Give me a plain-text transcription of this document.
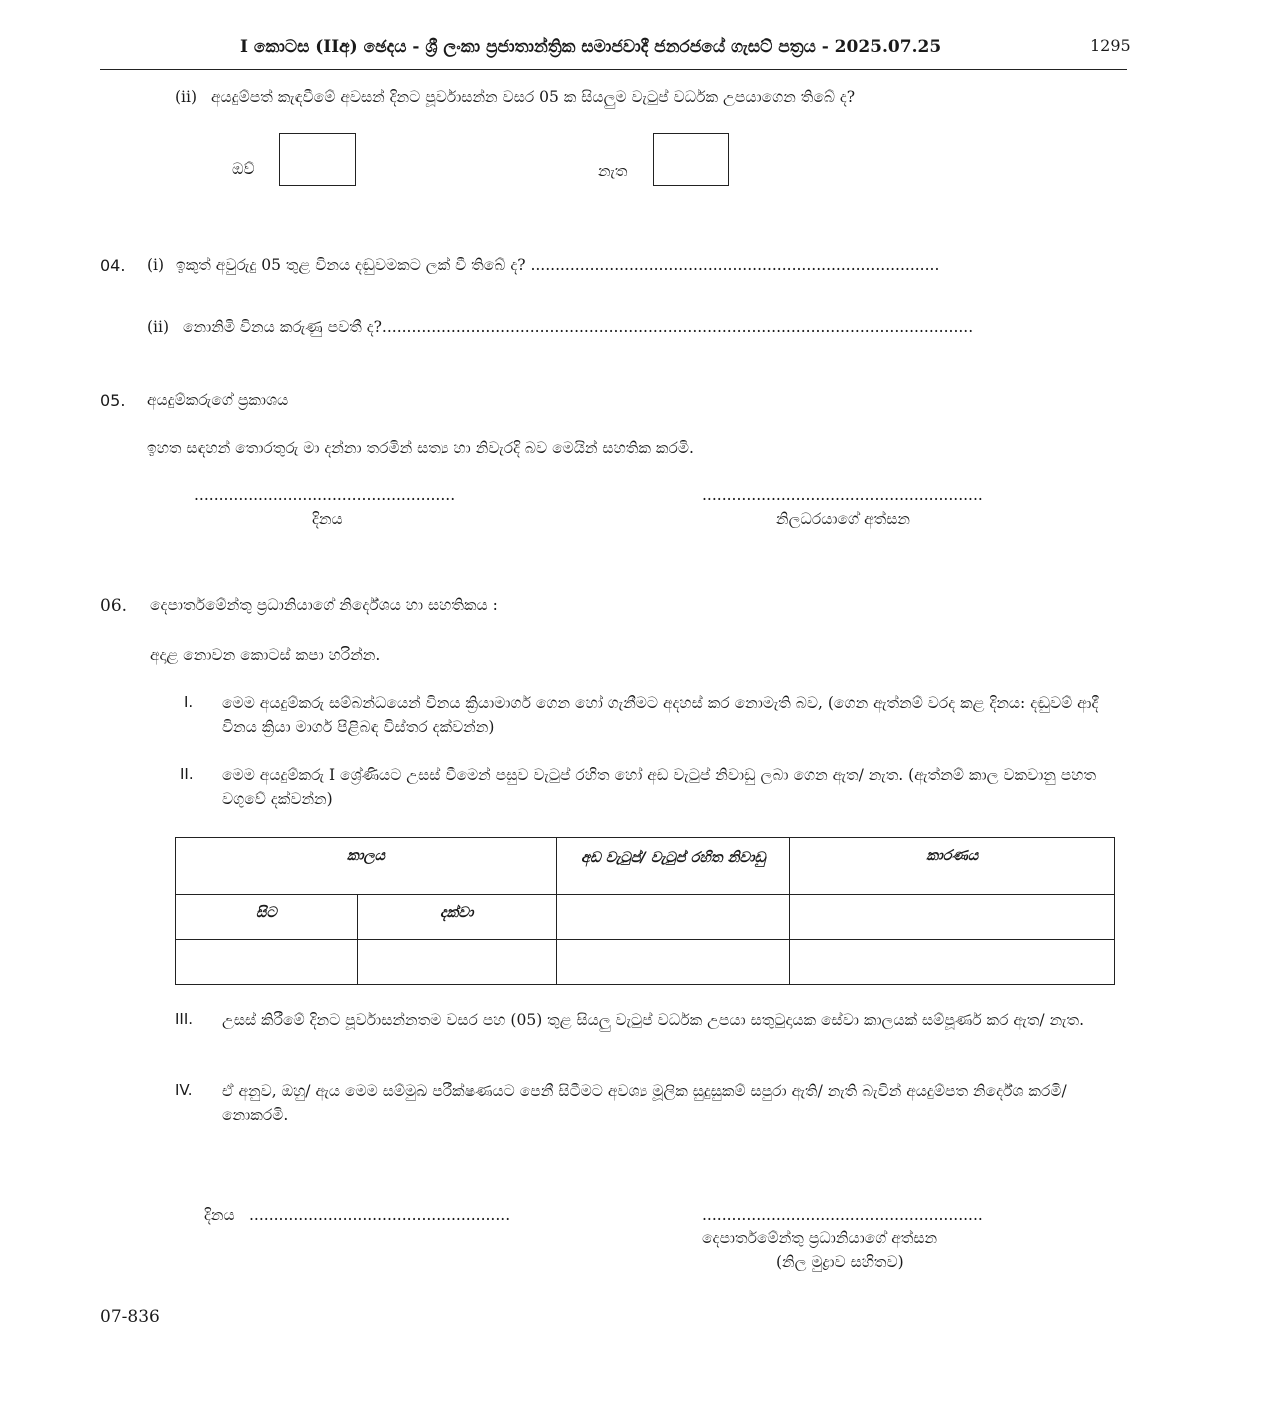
I කොටස (IIඅ) ඡෙදය - ශ්‍රී ලංකා ප්‍රජාතාන්ත්‍රික සමාජවාදී ජනරජයේ ගැසට් පත්‍රය - 2025.07.25	1295
(ii) අයදුම්පත් කැඳවීමේ අවසන් දිනට පූර්වාසන්න වසර 05 ක සියලුම වැටුප් වර්ධක උපයාගෙන තිබේ ද?
ඔව්	නැත
04. (i) ඉකුත් අවුරුදු 05 තුළ විනය දඬුවමකට ලක් වී තිබේ ද? ...................................................................................
(ii) නොනිමි විනය කරුණු පවතී ද?........................................................................................................................
05. අයදුම්කරුගේ ප්‍රකාශය
ඉහත සඳහන් තොරතුරු මා දන්නා තරමින් සත්‍ය හා නිවැරදි බව මෙයින් සහතික කරමි.
.....................................................	.........................................................
දිනය	නිලධරයාගේ අත්සන
06. දෙපාර්තමේන්තු ප්‍රධානියාගේ නිර්දේශය හා සහතිකය :
අදාළ නොවන කොටස් කපා හරින්න.
I. මෙම අයදුම්කරු සම්බන්ධයෙන් විනය ක්‍රියාමාර්ග ගෙන හෝ ගැනීමට අදහස් කර නොමැති බව, (ගෙන ඇත්නම් වරද කළ දිනය: දඬුවම් ආදී විනය ක්‍රියා මාර්ග පිළිබඳ විස්තර දක්වන්න)
II. මෙම අයදුම්කරු I ශ්‍රේණියට උසස් වීමෙන් පසුව වැටුප් රහිත හෝ අඩ වැටුප් නිවාඩු ලබා ගෙන ඇත/ නැත. (ඇත්නම් කාල වකවානු පහත වගුවේ දක්වන්න)
කාලය		අඩ වැටුප්/ වැටුප් රහිත නිවාඩු	කාරණය
සිට	දක්වා		

III. උසස් කිරීමේ දිනට පූර්වාසන්නතම වසර පහ (05) තුළ සියලු වැටුප් වර්ධක උපයා සතුටුදායක සේවා කාලයක් සම්පූර්ණ කර ඇත/ නැත.
IV. ඒ අනුව, ඔහු/ ඇය මෙම සම්මුඛ පරීක්ෂණයට පෙනී සිටීමට අවශ්‍ය මූලික සුදුසුකම් සපුරා ඇති/ නැති බැවින් අයදුම්පත නිර්දේශ කරමි/ නොකරමි.
දිනය .....................................................	.........................................................
දෙපාර්තමේන්තු ප්‍රධානියාගේ අත්සන
(නිල මුද්‍රාව සහිතව)
07-836
